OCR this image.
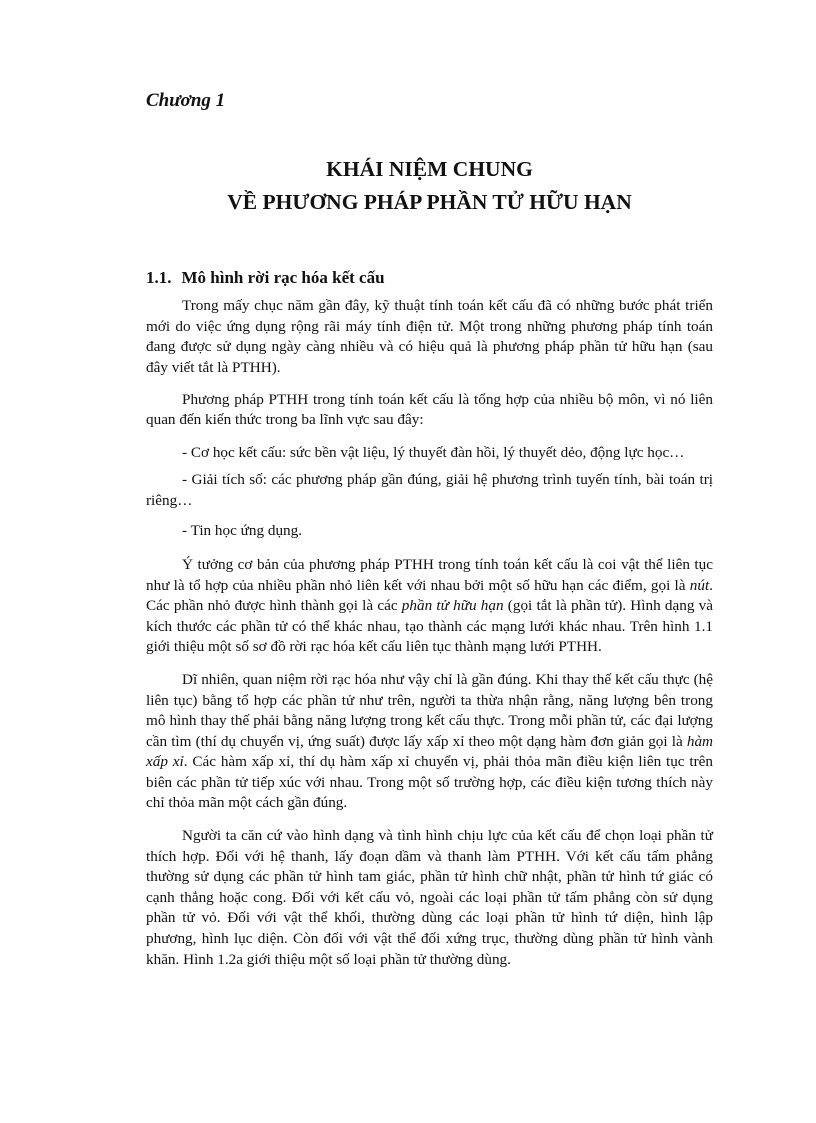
Chương 1
KHÁI NIỆM CHUNG
VỀ PHƯƠNG PHÁP PHẦN TỬ HỮU HẠN
1.1. Mô hình rời rạc hóa kết cấu

Trong mấy chục năm gần đây, kỹ thuật tính toán kết cấu đã có những bước phát triển mới do việc ứng dụng rộng rãi máy tính điện tử. Một trong những phương pháp tính toán đang được sử dụng ngày càng nhiều và có hiệu quả là phương pháp phần tử hữu hạn (sau đây viết tắt là PTHH).

Phương pháp PTHH trong tính toán kết cấu là tổng hợp của nhiều bộ môn, vì nó liên quan đến kiến thức trong ba lĩnh vực sau đây:

- Cơ học kết cấu: sức bền vật liệu, lý thuyết đàn hồi, lý thuyết dẻo, động lực học…

- Giải tích số: các phương pháp gần đúng, giải hệ phương trình tuyến tính, bài toán trị riêng…

- Tin học ứng dụng.

Ý tưởng cơ bản của phương pháp PTHH trong tính toán kết cấu là coi vật thể liên tục như là tổ hợp của nhiều phần nhỏ liên kết với nhau bởi một số hữu hạn các điểm, gọi là nút. Các phần nhỏ được hình thành gọi là các phần tử hữu hạn (gọi tắt là phần tử). Hình dạng và kích thước các phần tử có thể khác nhau, tạo thành các mạng lưới khác nhau. Trên hình 1.1 giới thiệu một số sơ đồ rời rạc hóa kết cấu liên tục thành mạng lưới PTHH.

Dĩ nhiên, quan niệm rời rạc hóa như vậy chỉ là gần đúng. Khi thay thế kết cấu thực (hệ liên tục) bằng tổ hợp các phần tử như trên, người ta thừa nhận rằng, năng lượng bên trong mô hình thay thế phải bằng năng lượng trong kết cấu thực. Trong mỗi phần tử, các đại lượng cần tìm (thí dụ chuyển vị, ứng suất) được lấy xấp xỉ theo một dạng hàm đơn giản gọi là hàm xấp xỉ. Các hàm xấp xỉ, thí dụ hàm xấp xỉ chuyển vị, phải thỏa mãn điều kiện liên tục trên biên các phần tử tiếp xúc với nhau. Trong một số trường hợp, các điều kiện tương thích này chỉ thỏa mãn một cách gần đúng.

Người ta căn cứ vào hình dạng và tình hình chịu lực của kết cấu để chọn loại phần tử thích hợp. Đối với hệ thanh, lấy đoạn dầm và thanh làm PTHH. Với kết cấu tấm phẳng thường sử dụng các phần tử hình tam giác, phần tử hình chữ nhật, phần tử hình tứ giác có cạnh thẳng hoặc cong. Đối với kết cấu vỏ, ngoài các loại phần tử tấm phẳng còn sử dụng phần tử vỏ. Đối với vật thể khối, thường dùng các loại phần tử hình tứ diện, hình lập phương, hình lục diện. Còn đối với vật thể đối xứng trục, thường dùng phần tử hình vành khăn. Hình 1.2a giới thiệu một số loại phần tử thường dùng.
